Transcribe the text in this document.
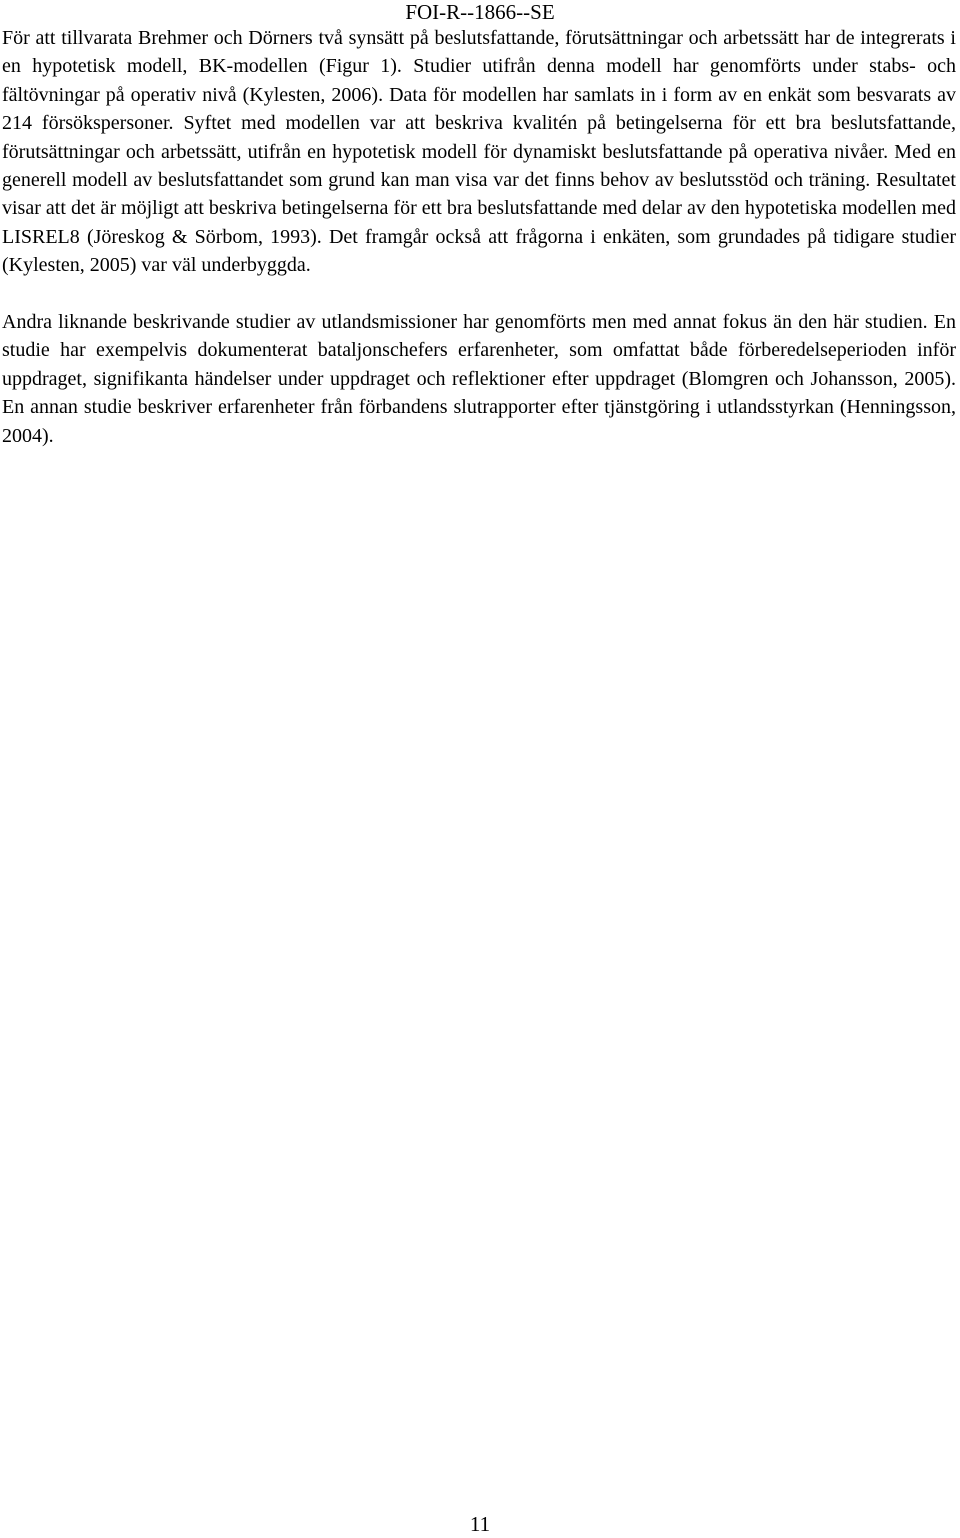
FOI-R--1866--SE

För att tillvarata Brehmer och Dörners två synsätt på beslutsfattande, förutsättningar och arbetssätt har de integrerats i en hypotetisk modell, BK-modellen (Figur 1). Studier utifrån denna modell har genomförts under stabs- och fältövningar på operativ nivå (Kylesten, 2006). Data för modellen har samlats in i form av en enkät som besvarats av 214 försökspersoner. Syftet med modellen var att beskriva kvalitén på betingelserna för ett bra beslutsfattande, förutsättningar och arbetssätt, utifrån en hypotetisk modell för dynamiskt beslutsfattande på operativa nivåer. Med en generell modell av beslutsfattandet som grund kan man visa var det finns behov av beslutsstöd och träning. Resultatet visar att det är möjligt att beskriva betingelserna för ett bra beslutsfattande med delar av den hypotetiska modellen med LISREL8 (Jöreskog & Sörbom, 1993). Det framgår också att frågorna i enkäten, som grundades på tidigare studier (Kylesten, 2005) var väl underbyggda.

Andra liknande beskrivande studier av utlandsmissioner har genomförts men med annat fokus än den här studien. En studie har exempelvis dokumenterat bataljonschefers erfarenheter, som omfattat både förberedelseperioden inför uppdraget, signifikanta händelser under uppdraget och reflektioner efter uppdraget (Blomgren och Johansson, 2005). En annan studie beskriver erfarenheter från förbandens slutrapporter efter tjänstgöring i utlandsstyrkan (Henningsson, 2004).

11
